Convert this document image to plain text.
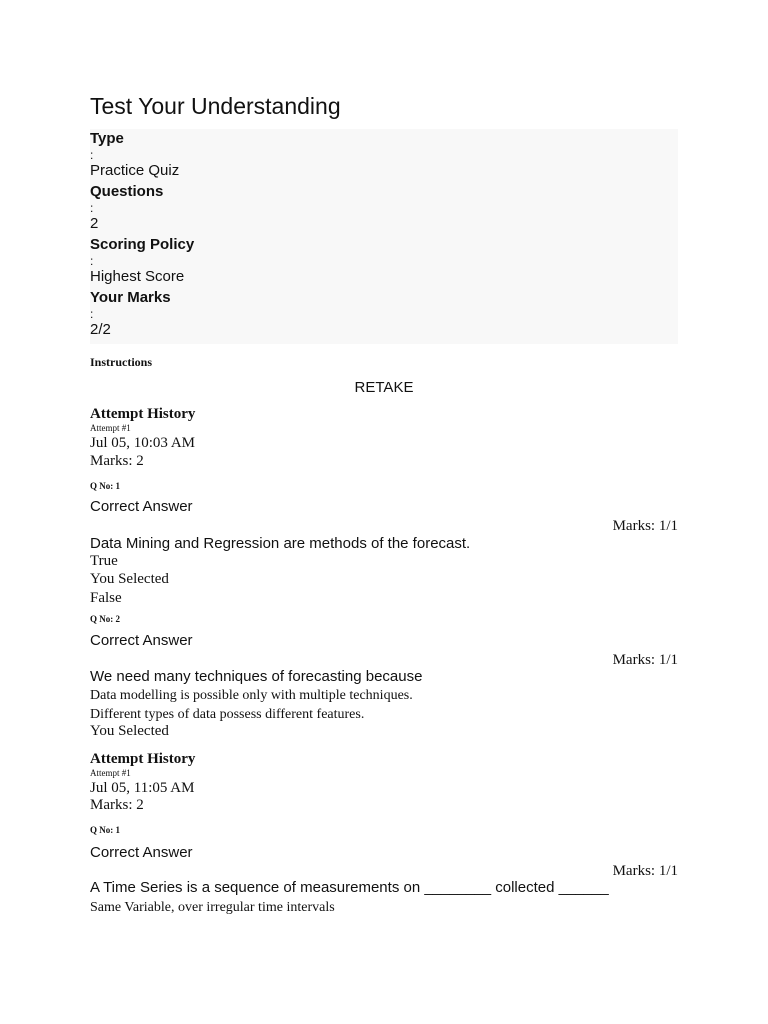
Test Your Understanding
Type
:
Practice Quiz
Questions
:
2
Scoring Policy
:
Highest Score
Your Marks
:
2/2
Instructions
RETAKE
Attempt History
Attempt #1
Jul 05, 10:03 AM
Marks: 2
Q No: 1
Correct Answer
Marks: 1/1
Data Mining and Regression are methods of the forecast.
True
You Selected
False
Q No: 2
Correct Answer
Marks: 1/1
We need many techniques of forecasting because
Data modelling is possible only with multiple techniques.
Different types of data possess different features.
You Selected
Attempt History
Attempt #1
Jul 05, 11:05 AM
Marks: 2
Q No: 1
Correct Answer
Marks: 1/1
A Time Series is a sequence of measurements on ________ collected ______
Same Variable, over irregular time intervals
